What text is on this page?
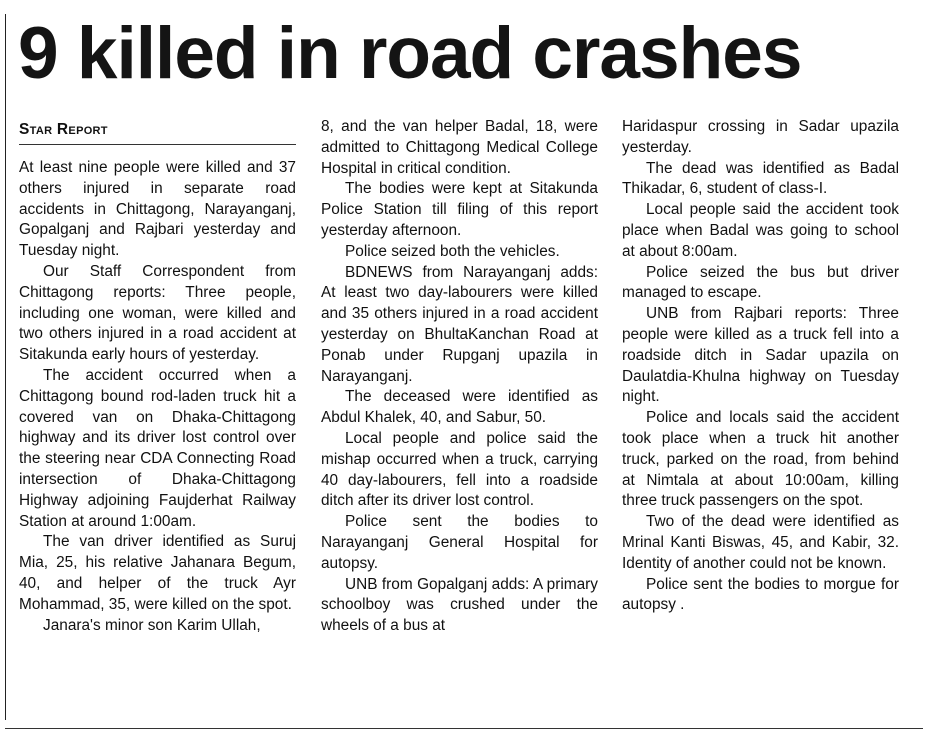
9 killed in road crashes
Star Report

At least nine people were killed and 37 others injured in separate road accidents in Chittagong, Narayanganj, Gopalganj and Rajbari yesterday and Tuesday night.

Our Staff Correspondent from Chittagong reports: Three people, including one woman, were killed and two others injured in a road accident at Sitakunda early hours of yesterday.

The accident occurred when a Chittagong bound rod-laden truck hit a covered van on Dhaka-Chittagong highway and its driver lost control over the steering near CDA Connecting Road intersection of Dhaka-Chittagong Highway adjoining Faujderhat Railway Station at around 1:00am.

The van driver identified as Suruj Mia, 25, his relative Jahanara Begum, 40, and helper of the truck Ayr Mohammad, 35, were killed on the spot.

Janara's minor son Karim Ullah,

8, and the van helper Badal, 18, were admitted to Chittagong Medical College Hospital in critical condition.

The bodies were kept at Sitakunda Police Station till filing of this report yesterday afternoon.

Police seized both the vehicles.

BDNEWS from Narayanganj adds: At least two day-labourers were killed and 35 others injured in a road accident yesterday on BhultaKanchan Road at Ponab under Rupganj upazila in Narayanganj.

The deceased were identified as Abdul Khalek, 40, and Sabur, 50.

Local people and police said the mishap occurred when a truck, carrying 40 day-labourers, fell into a roadside ditch after its driver lost control.

Police sent the bodies to Narayanganj General Hospital for autopsy.

UNB from Gopalganj adds: A primary schoolboy was crushed under the wheels of a bus at

Haridaspur crossing in Sadar upazila yesterday.

The dead was identified as Badal Thikadar, 6, student of class-I.

Local people said the accident took place when Badal was going to school at about 8:00am.

Police seized the bus but driver managed to escape.

UNB from Rajbari reports: Three people were killed as a truck fell into a roadside ditch in Sadar upazila on Daulatdia-Khulna highway on Tuesday night.

Police and locals said the accident took place when a truck hit another truck, parked on the road, from behind at Nimtala at about 10:00am, killing three truck passengers on the spot.

Two of the dead were identified as Mrinal Kanti Biswas, 45, and Kabir, 32. Identity of another could not be known.

Police sent the bodies to morgue for autopsy .
